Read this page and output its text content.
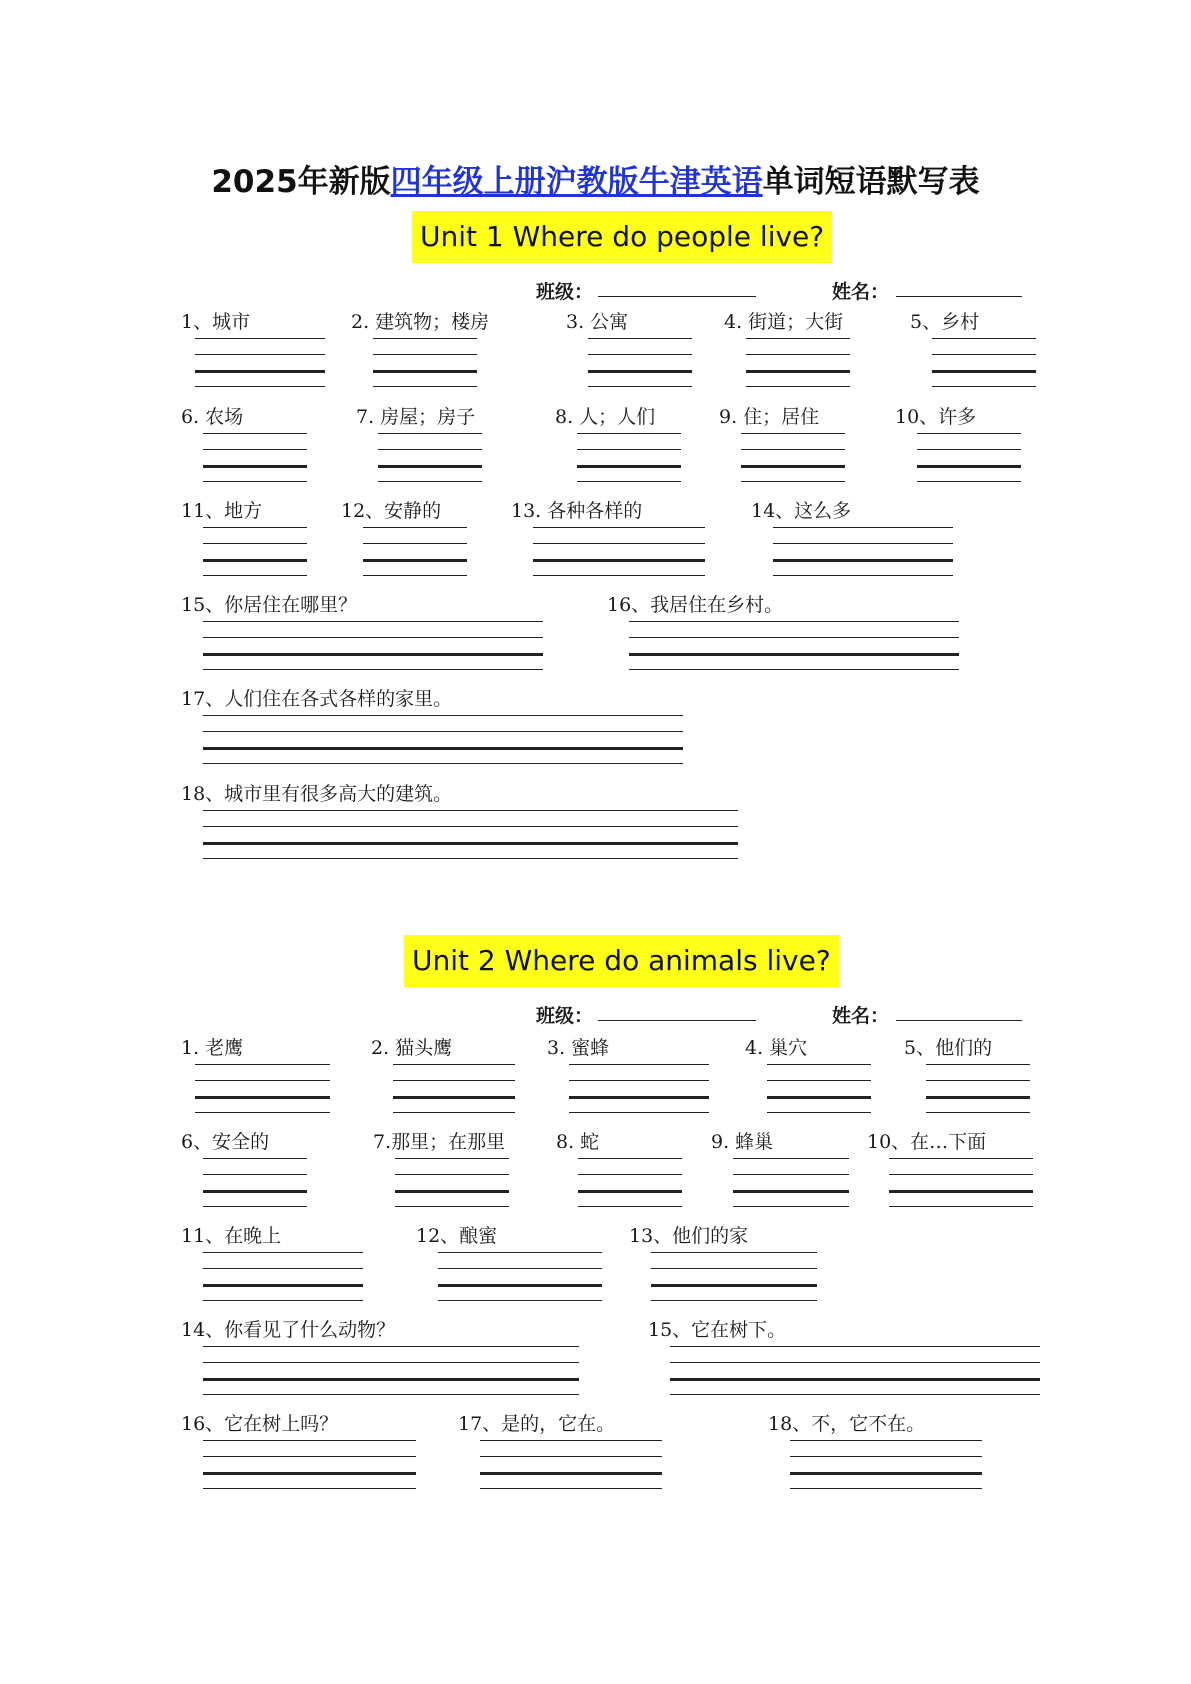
2025年新版四年级上册沪教版牛津英语单词短语默写表
Unit 1 Where do people live?
班级：	姓名：
1、城市	2. 建筑物；楼房	3. 公寓	4. 街道；大街	5、乡村
6. 农场	7. 房屋；房子	8. 人；人们	9. 住；居住	10、许多
11、地方	12、安静的	13. 各种各样的	14、这么多
15、你居住在哪里？	16、我居住在乡村。
17、人们住在各式各样的家里。
18、城市里有很多高大的建筑。
Unit 2 Where do animals live?
班级：	姓名：
1. 老鹰	2. 猫头鹰	3. 蜜蜂	4. 巢穴	5、他们的
6、安全的	7.那里；在那里	8. 蛇	9. 蜂巢	10、在…下面
11、在晚上	12、酿蜜	13、他们的家
14、你看见了什么动物？	15、它在树下。
16、它在树上吗？	17、是的，它在。	18、不，它不在。
